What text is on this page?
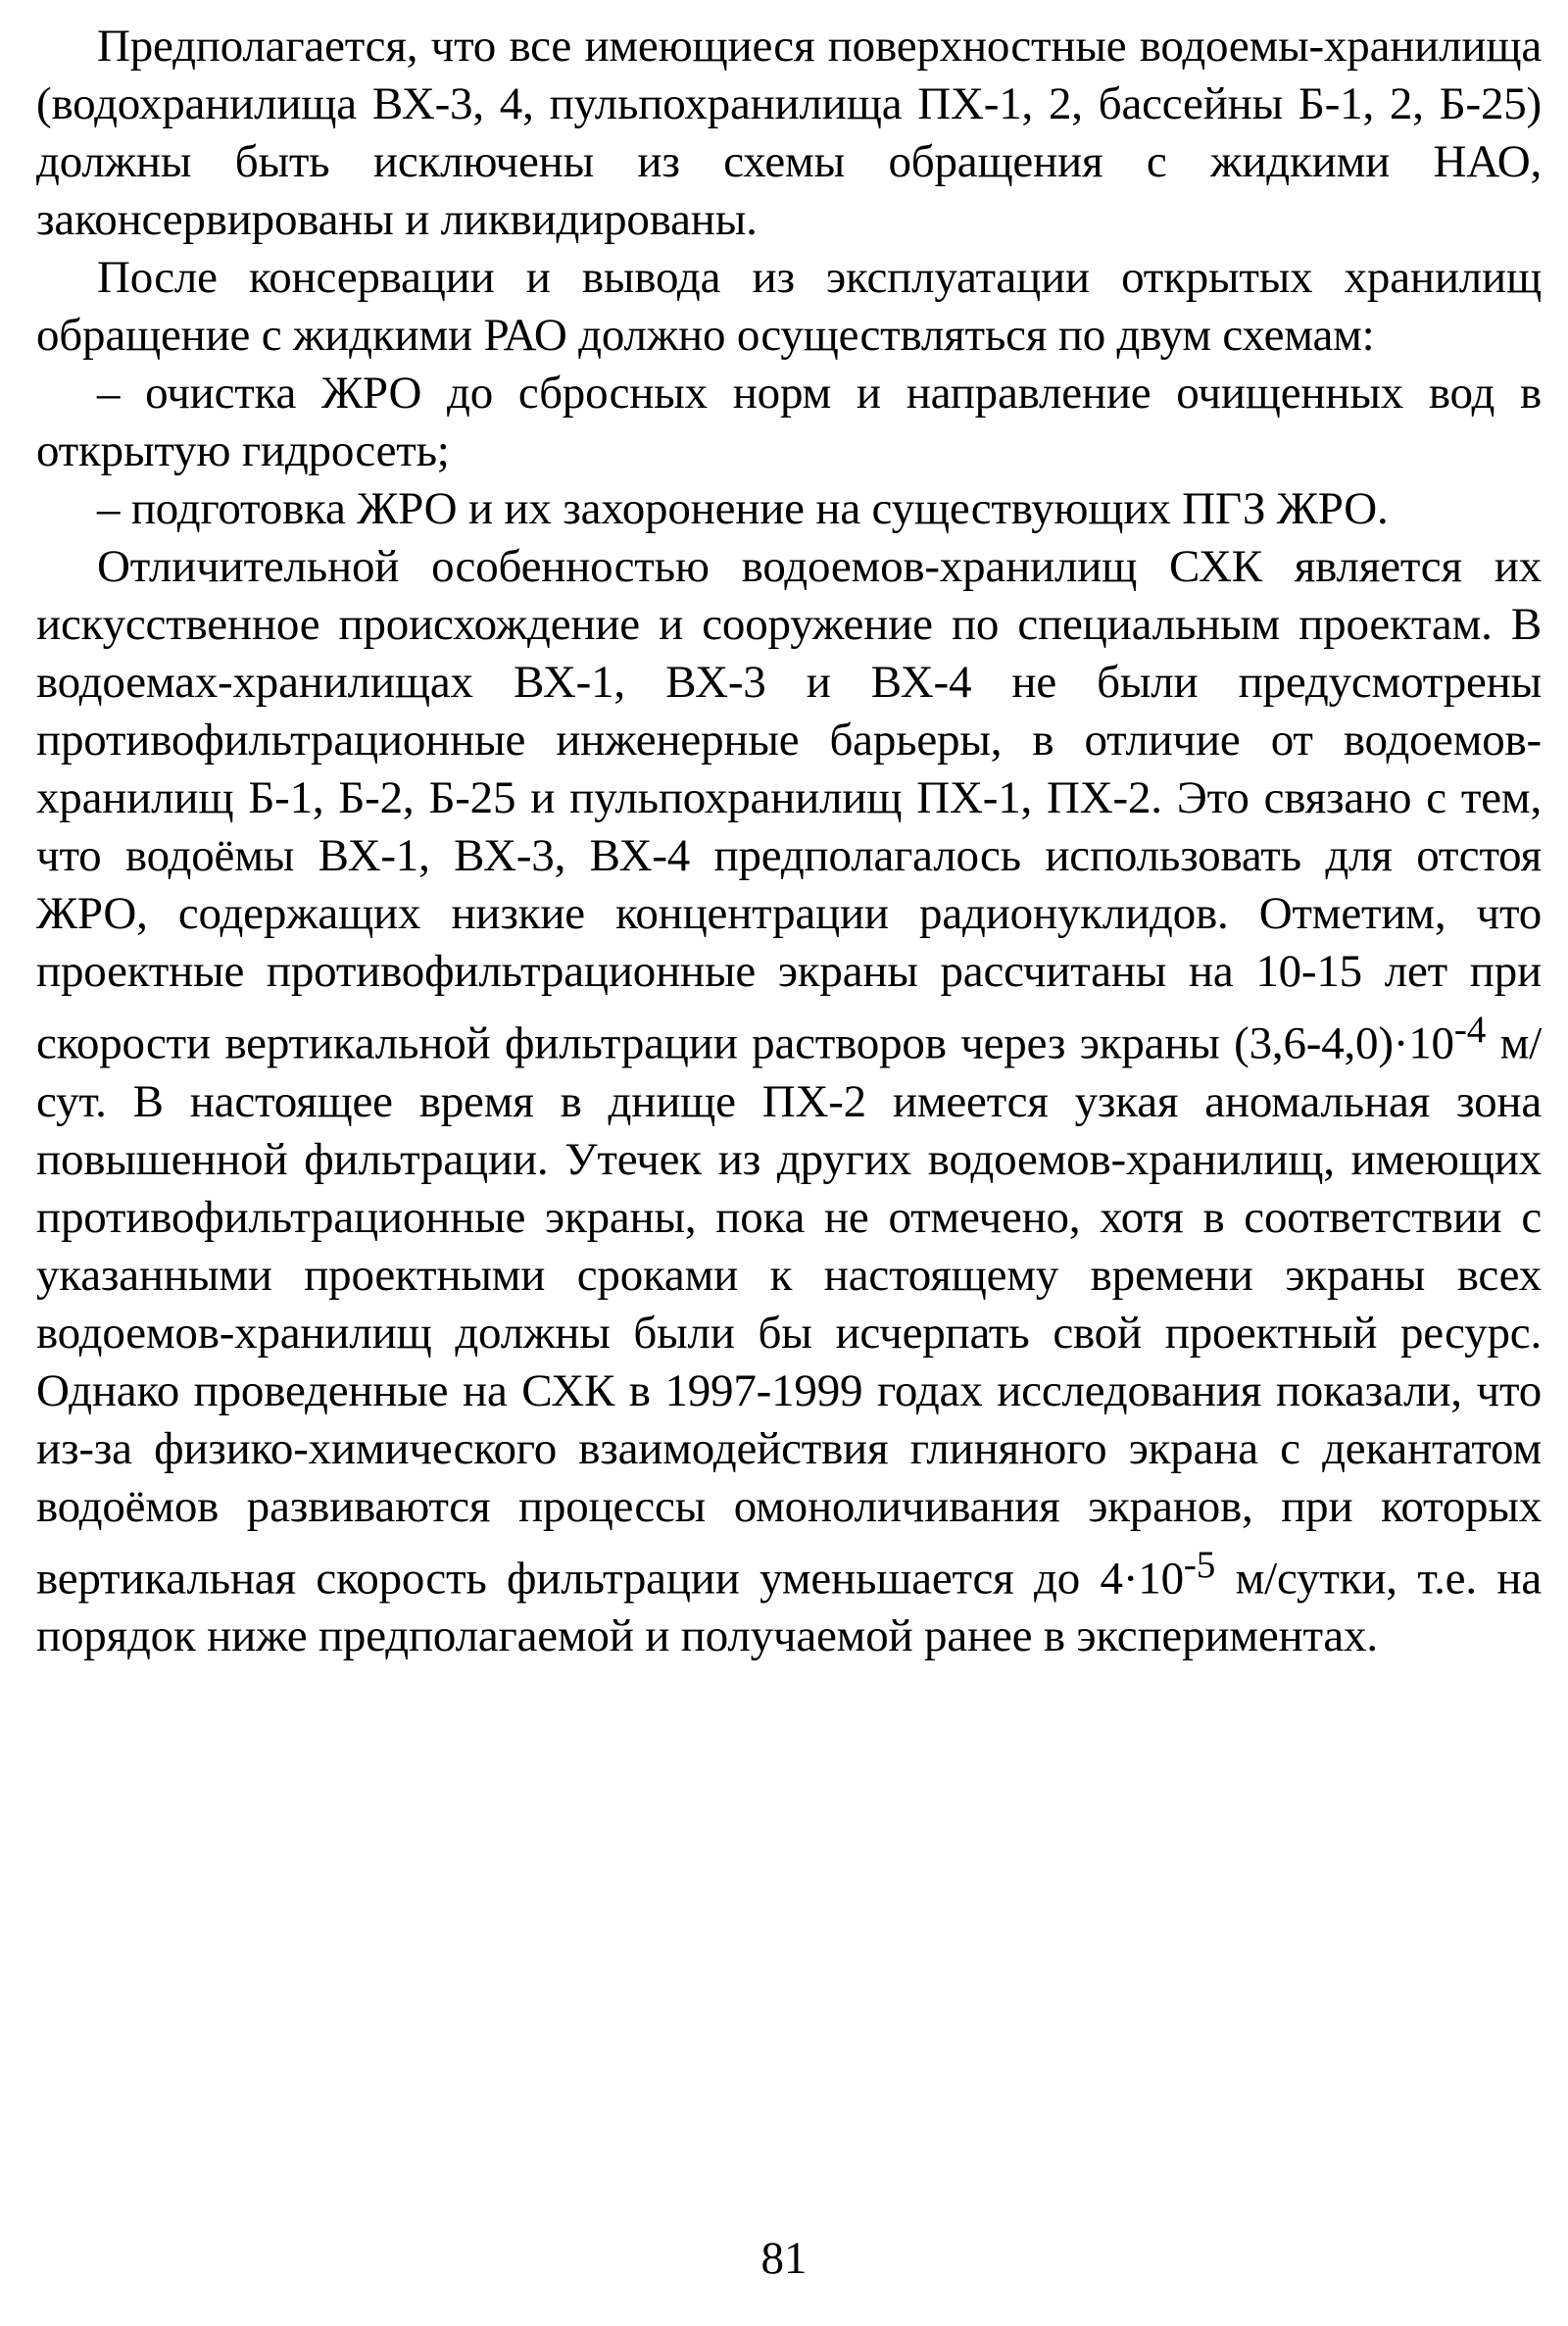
Предполагается, что все имеющиеся поверхностные водоемы-хранилища (водохранилища ВХ-3, 4, пульпохранилища ПХ-1, 2, бассейны Б-1, 2, Б-25) должны быть исключены из схемы обращения с жидкими НАО, законсервированы и ликвидированы.

После консервации и вывода из эксплуатации открытых хранилищ обращение с жидкими РАО должно осуществляться по двум схемам:

– очистка ЖРО до сбросных норм и направление очищенных вод в открытую гидросеть;

– подготовка ЖРО и их захоронение на существующих ПГЗ ЖРО.

Отличительной особенностью водоемов-хранилищ СХК является их искусственное происхождение и сооружение по специальным проектам. В водоемах-хранилищах ВХ-1, ВХ-3 и ВХ-4 не были предусмотрены противофильтрационные инженерные барьеры, в отличие от водоемов-хранилищ Б-1, Б-2, Б-25 и пульпохранилищ ПХ-1, ПХ-2. Это связано с тем, что водоёмы ВХ-1, ВХ-3, ВХ-4 предполагалось использовать для отстоя ЖРО, содержащих низкие концентрации радионуклидов. Отметим, что проектные противофильтрационные экраны рассчитаны на 10-15 лет при скорости вертикальной фильтрации растворов через экраны $(3,6-4,0)\cdot 10^{-4}$ м/сут. В настоящее время в днище ПХ-2 имеется узкая аномальная зона повышенной фильтрации. Утечек из других водоемов-хранилищ, имеющих противофильтрационные экраны, пока не отмечено, хотя в соответствии с указанными проектными сроками к настоящему времени экраны всех водоемов-хранилищ должны были бы исчерпать свой проектный ресурс. Однако проведенные на СХК в 1997-1999 годах исследования показали, что из-за физико-химического взаимодействия глиняного экрана с декантатом водоёмов развиваются процессы омоноличивания экранов, при которых вертикальная скорость фильтрации уменьшается до $4\cdot 10^{-5}$ м/сутки, т.е. на порядок ниже предполагаемой и получаемой ранее в экспериментах.

81
